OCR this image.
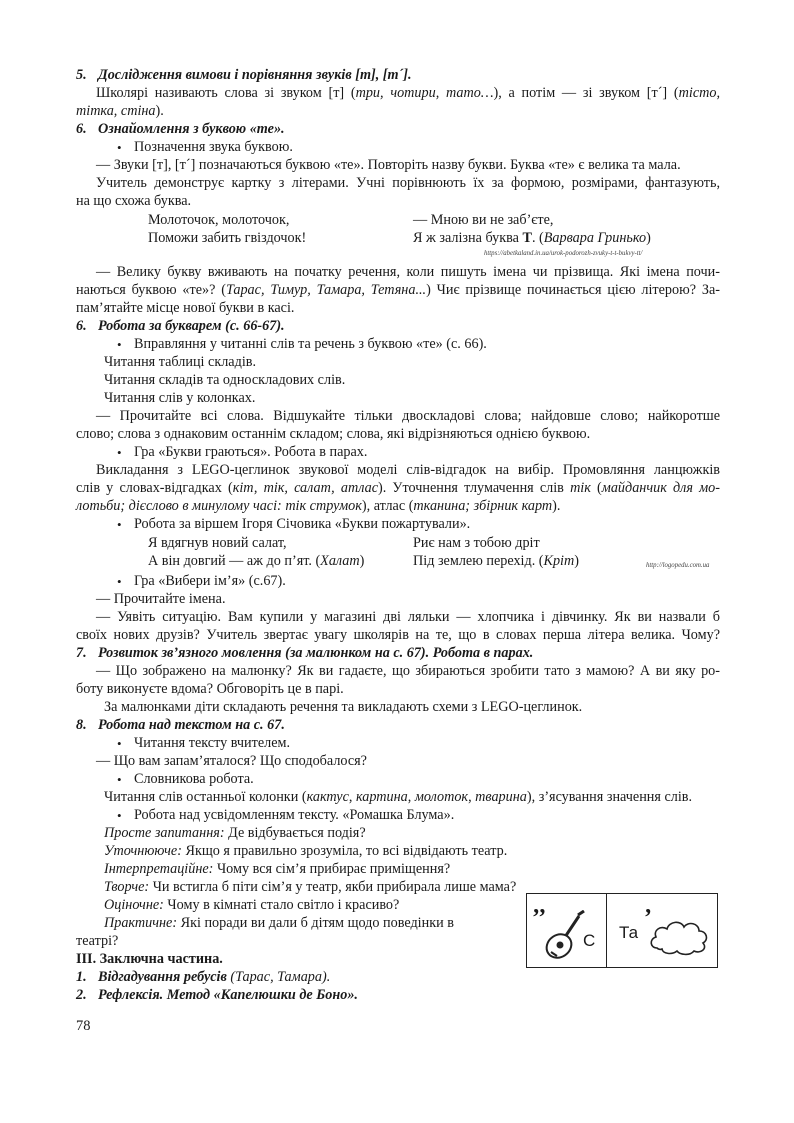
5. Дослідження вимови і порівняння звуків [т], [т´].
Школярі називають слова зі звуком [т] (три, чотири, тато…), а потім — зі звуком [т´] (тісто,
тітка, стіна).
6. Ознайомлення з буквою «те».
• Позначення звука буквою.
— Звуки [т], [т´] позначаються буквою «те». Повторіть назву букви. Буква «те» є велика та мала.
Учитель демонструє картку з літерами. Учні порівнюють їх за формою, розмірами, фантазують,
на що схожа буква.
Молоточок, молоточок,
Поможи забить гвіздочок!
— Мною ви не заб’єте,
Я ж залізна буква Т. (Варвара Гринько)
https://abetkaland.in.ua/urok-podorozh-zvuky-t-t-bukvy-tt/
— Велику букву вживають на початку речення, коли пишуть імена чи прізвища. Які імена почи-
наються буквою «те»? (Тарас, Тимур, Тамара, Тетяна...) Чиє прізвище починається цією літерою? За-
пам’ятайте місце нової букви в касі.
6. Робота за букварем (с. 66-67).
• Вправляння у читанні слів та речень з буквою «те» (с. 66).
Читання таблиці складів.
Читання складів та односкладових слів.
Читання слів у колонках.
— Прочитайте всі слова. Відшукайте тільки двоскладові слова; найдовше слово; найкоротше
слово; слова з однаковим останнім складом; слова, які відрізняються однією буквою.
• Гра «Букви граються». Робота в парах.
Викладання з LEGO-цеглинок звукової моделі слів-відгадок на вибір. Промовляння ланцюжків
слів у словах-відгадках (кіт, тік, салат, атлас). Уточнення тлумачення слів тік (майданчик для мо-
лотьби; дієслово в минулому часі: тік струмок), атлас (тканина; збірник карт).
• Робота за віршем Ігоря Січовика «Букви пожартували».
Я вдягнув новий салат,
А він довгий — аж до п’ят. (Халат)
Риє нам з тобою дріт
Під землею перехід. (Кріт)	http://logopedu.com.ua
• Гра «Вибери ім’я» (с.67).
— Прочитайте імена.
— Уявіть ситуацію. Вам купили у магазині дві ляльки — хлопчика і дівчинку. Як ви назвали б
своїх нових друзів? Учитель звертає увагу школярів на те, що в словах перша літера велика. Чому?
7. Розвиток зв’язного мовлення (за малюнком на с. 67). Робота в парах.
— Що зображено на малюнку? Як ви гадаєте, що збираються зробити тато з мамою? А ви яку ро-
боту виконуєте вдома? Обговоріть це в парі.
За малюнками діти складають речення та викладають схеми з LEGO-цеглинок.
8. Робота над текстом на с. 67.
• Читання тексту вчителем.
— Що вам запам’яталося? Що сподобалося?
• Словникова робота.
Читання слів останньої колонки (кактус, картина, молоток, тварина), з’ясування значення слів.
• Робота над усвідомленням тексту. «Ромашка Блума».
Просте запитання: Де відбувається подія?
Уточнююче: Якщо я правильно зрозуміла, то всі відвідають театр.
Інтерпретаційне: Чому вся сім’я прибирає приміщення?
Творче: Чи встигла б піти сім’я у театр, якби прибирала лише мама?
Оціночне: Чому в кімнаті стало світло і красиво?
Практичне: Які поради ви дали б дітям щодо поведінки в
театрі?
III. Заключна частина.
1. Відгадування ребусів (Тарас, Тамара).
2. Рефлексія. Метод «Капелюшки де Боно».
’’
С Та
’
78
